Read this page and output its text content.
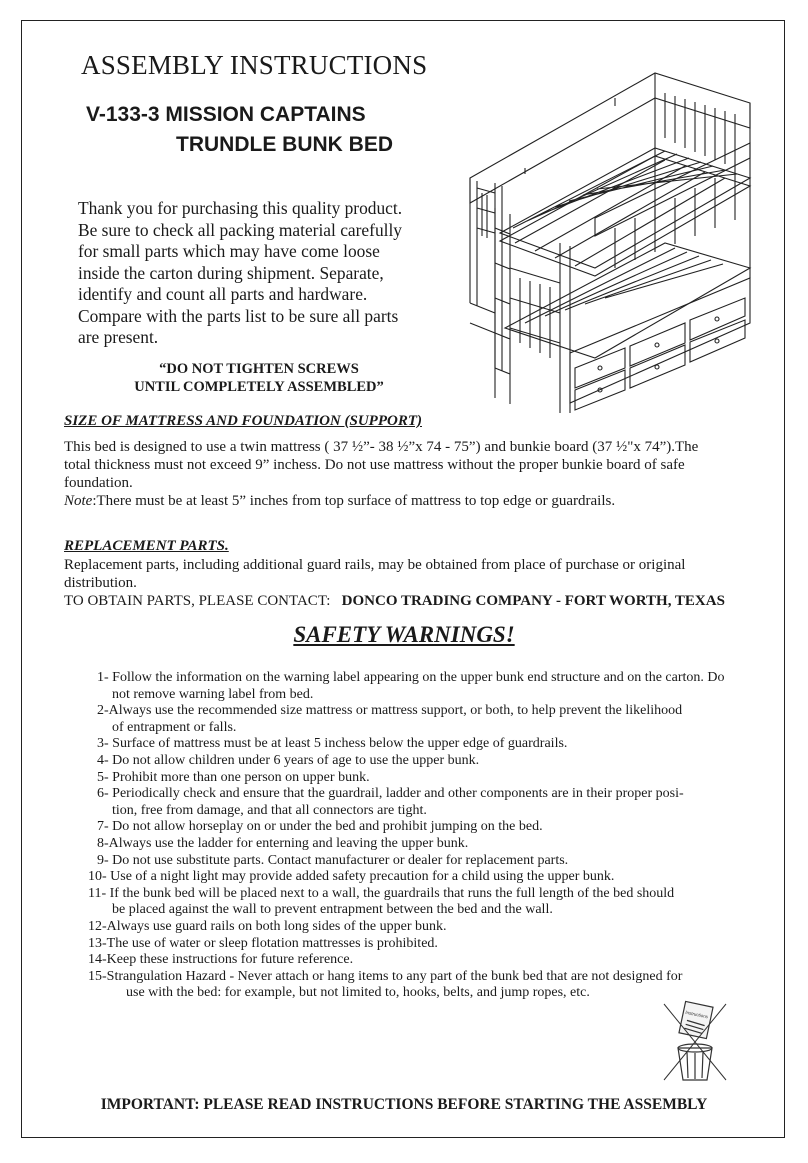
ASSEMBLY INSTRUCTIONS
V-133-3 MISSION CAPTAINS
TRUNDLE BUNK BED
Thank you for purchasing this quality product.
Be sure to check all packing material carefully
for small parts which may have come loose
inside the carton during shipment. Separate,
identify and count all parts and hardware.
Compare with the parts list to be sure all parts
are present.
“DO NOT TIGHTEN SCREWS
UNTIL COMPLETELY ASSEMBLED”
SIZE OF MATTRESS AND FOUNDATION (SUPPORT)
This bed is designed to use a twin mattress ( 37 ½”- 38 ½”x 74 - 75”) and bunkie board (37 ½"x 74”).The
total thickness must not exceed 9” inchess. Do not use mattress without the proper bunkie board of safe
foundation.
Note:There must be at least 5” inches from top surface of mattress to top edge or guardrails.
REPLACEMENT PARTS.
Replacement parts, including additional guard rails, may be obtained from place of purchase or original
distribution.
TO OBTAIN PARTS, PLEASE CONTACT: DONCO TRADING COMPANY - FORT WORTH, TEXAS
SAFETY WARNINGS!
1- Follow the information on the warning label appearing on the upper bunk end structure and on the carton. Do
not remove warning label from bed.
2-Always use the recommended size mattress or mattress support, or both, to help prevent the likelihood
of entrapment or falls.
3- Surface of mattress must be at least 5 inchess below the upper edge of guardrails.
4- Do not allow children under 6 years of age to use the upper bunk.
5- Prohibit more than one person on upper bunk.
6- Periodically check and ensure that the guardrail, ladder and other components are in their proper posi-
tion, free from damage, and that all connectors are tight.
7- Do not allow horseplay on or under the bed and prohibit jumping on the bed.
8-Always use the ladder for enterning and leaving the upper bunk.
9- Do not use substitute parts. Contact manufacturer or dealer for replacement parts.
10- Use of a night light may provide added safety precaution for a child using the upper bunk.
11- If the bunk bed will be placed next to a wall, the guardrails that runs the full length of the bed should
be placed against the wall to prevent entrapment between the bed and the wall.
12-Always use guard rails on both long sides of the upper bunk.
13-The use of water or sleep flotation mattresses is prohibited.
14-Keep these instructions for future reference.
15-Strangulation Hazard - Never attach or hang items to any part of the bunk bed that are not designed for
use with the bed: for example, but not limited to, hooks, belts, and jump ropes, etc.
Instructions
IMPORTANT: PLEASE READ INSTRUCTIONS BEFORE STARTING THE ASSEMBLY
